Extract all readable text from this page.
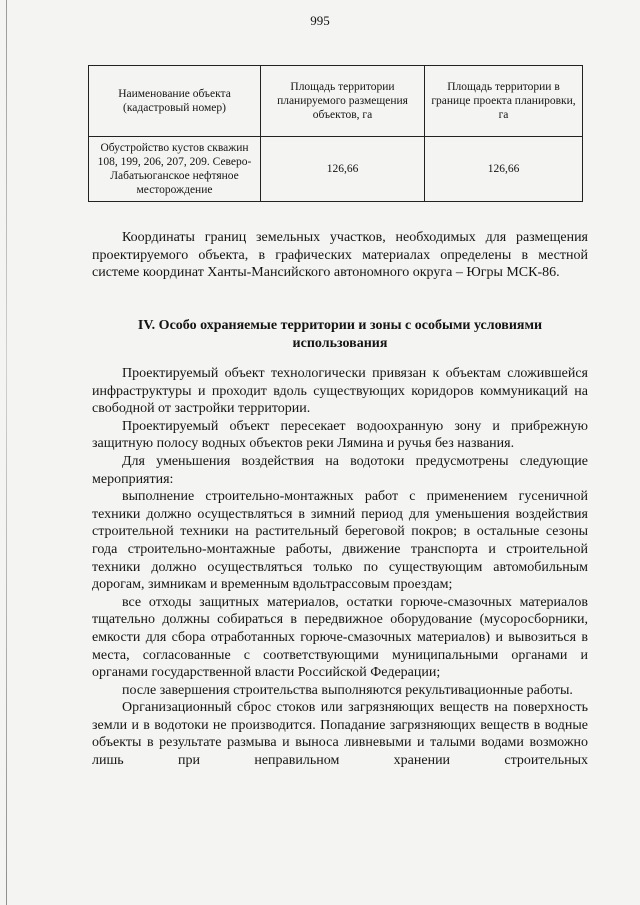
995
Наименование объекта (кадастровый номер)	Площадь территории планируемого размещения объектов, га	Площадь территории в границе проекта планировки, га
Обустройство кустов скважин 108, 199, 206, 207, 209. Северо-Лабатьюганское нефтяное месторождение	126,66	126,66

Координаты границ земельных участков, необходимых для размещения проектируемого объекта, в графических материалах определены в местной системе координат Ханты-Мансийского автономного округа – Югры МСК-86.

IV. Особо охраняемые территории и зоны с особыми условиями использования

Проектируемый объект технологически привязан к объектам сложившейся инфраструктуры и проходит вдоль существующих коридоров коммуникаций на свободной от застройки территории.

Проектируемый объект пересекает водоохранную зону и прибрежную защитную полосу водных объектов реки Лямина и ручья без названия.

Для уменьшения воздействия на водотоки предусмотрены следующие мероприятия:

выполнение строительно-монтажных работ с применением гусеничной техники должно осуществляться в зимний период для уменьшения воздействия строительной техники на растительный береговой покров; в остальные сезоны года строительно-монтажные работы, движение транспорта и строительной техники должно осуществляться только по существующим автомобильным дорогам, зимникам и временным вдольтрассовым проездам;

все отходы защитных материалов, остатки горюче-смазочных материалов тщательно должны собираться в передвижное оборудование (мусоросборники, емкости для сбора отработанных горюче-смазочных материалов) и вывозиться в места, согласованные с соответствующими муниципальными органами и органами государственной власти Российской Федерации;

после завершения строительства выполняются рекультивационные работы.

Организационный сброс стоков или загрязняющих веществ на поверхность земли и в водотоки не производится. Попадание загрязняющих веществ в водные объекты в результате размыва и выноса ливневыми и талыми водами возможно лишь при неправильном хранении строительных
